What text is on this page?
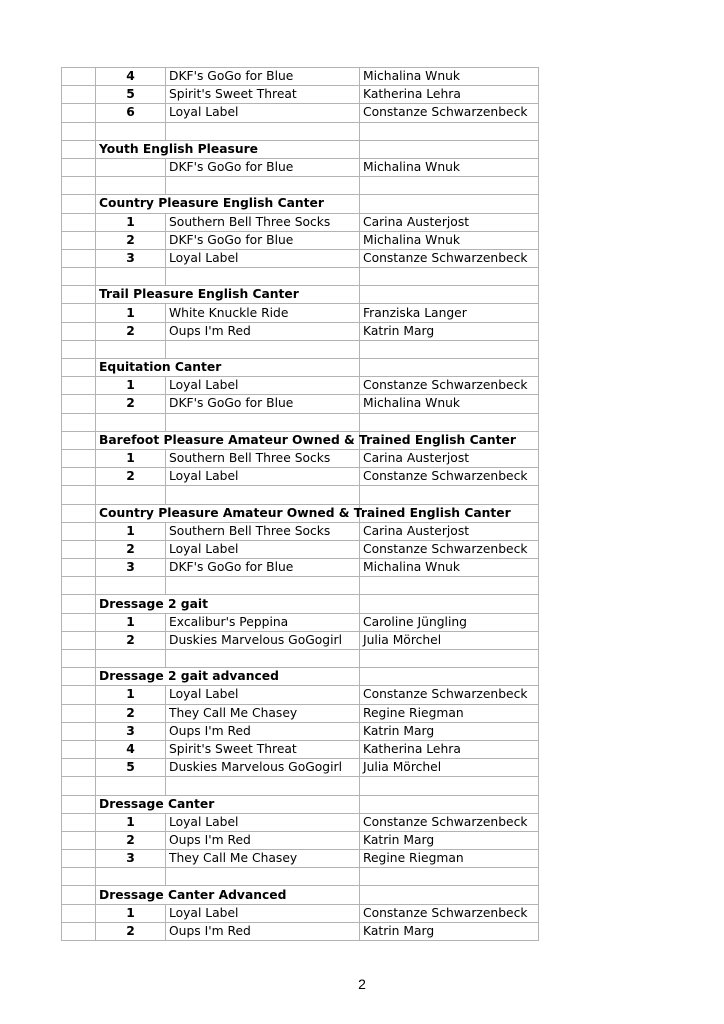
	4	DKF's GoGo for Blue	Michalina Wnuk
	5	Spirit's Sweet Threat	Katherina Lehra
	6	Loyal Label	Constanze Schwarzenbeck

	Youth English Pleasure		
		DKF's GoGo for Blue	Michalina Wnuk

	Country Pleasure English Canter		
	1	Southern Bell Three Socks	Carina Austerjost
	2	DKF's GoGo for Blue	Michalina Wnuk
	3	Loyal Label	Constanze Schwarzenbeck

	Trail Pleasure English Canter		
	1	White Knuckle Ride	Franziska Langer
	2	Oups I'm Red	Katrin Marg

	Equitation Canter		
	1	Loyal Label	Constanze Schwarzenbeck
	2	DKF's GoGo for Blue	Michalina Wnuk

	Barefoot Pleasure Amateur Owned & Trained English Canter		
	1	Southern Bell Three Socks	Carina Austerjost
	2	Loyal Label	Constanze Schwarzenbeck

	Country Pleasure Amateur Owned & Trained English Canter		
	1	Southern Bell Three Socks	Carina Austerjost
	2	Loyal Label	Constanze Schwarzenbeck
	3	DKF's GoGo for Blue	Michalina Wnuk

	Dressage 2 gait		
	1	Excalibur's Peppina	Caroline Jüngling
	2	Duskies Marvelous GoGogirl	Julia Mörchel

	Dressage 2 gait advanced		
	1	Loyal Label	Constanze Schwarzenbeck
	2	They Call Me Chasey	Regine Riegman
	3	Oups I'm Red	Katrin Marg
	4	Spirit's Sweet Threat	Katherina Lehra
	5	Duskies Marvelous GoGogirl	Julia Mörchel

	Dressage Canter		
	1	Loyal Label	Constanze Schwarzenbeck
	2	Oups I'm Red	Katrin Marg
	3	They Call Me Chasey	Regine Riegman

	Dressage Canter Advanced		
	1	Loyal Label	Constanze Schwarzenbeck
	2	Oups I'm Red	Katrin Marg
2
